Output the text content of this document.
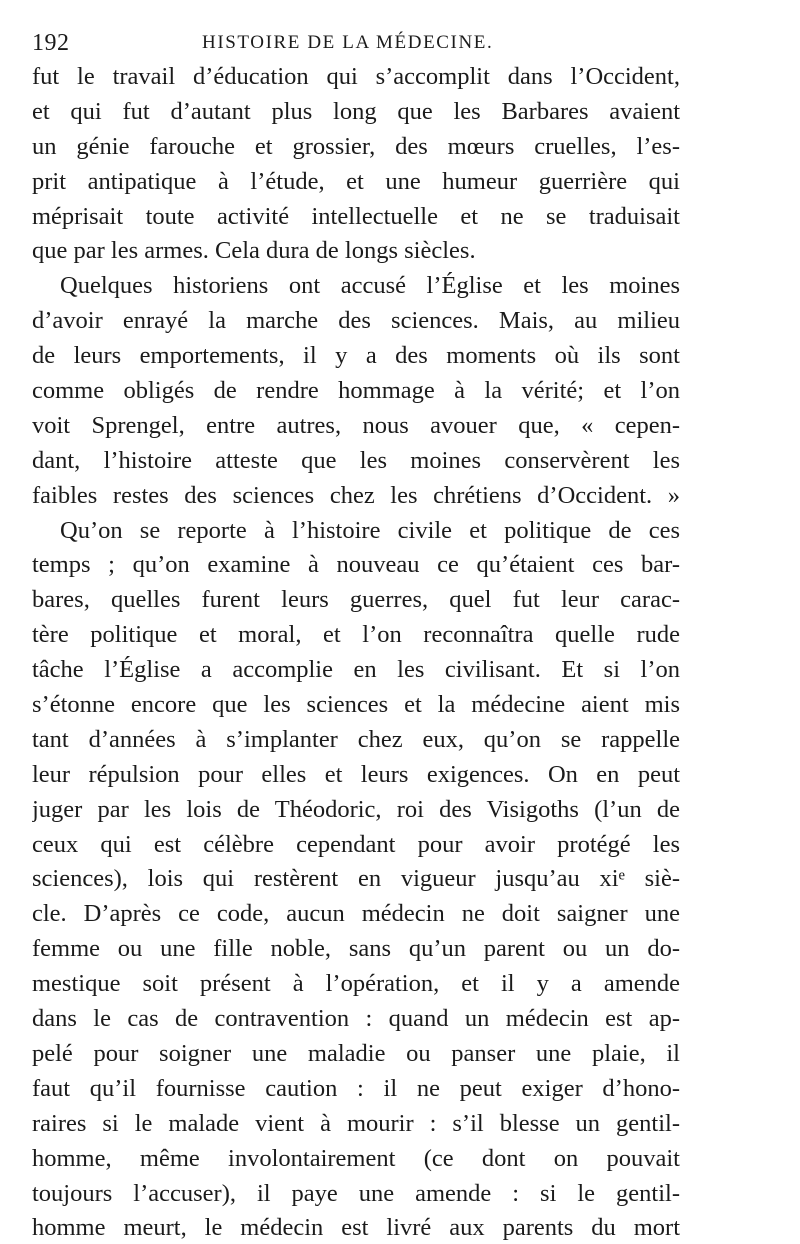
192	HISTOIRE DE LA MÉDECINE.
fut le travail d’éducation qui s’accomplit dans l’Occident,
et qui fut d’autant plus long que les Barbares avaient
un génie farouche et grossier, des mœurs cruelles, l’es-
prit antipatique à l’étude, et une humeur guerrière qui
méprisait toute activité intellectuelle et ne se traduisait
que par les armes. Cela dura de longs siècles.
Quelques historiens ont accusé l’Église et les moines
d’avoir enrayé la marche des sciences. Mais, au milieu
de leurs emportements, il y a des moments où ils sont
comme obligés de rendre hommage à la vérité; et l’on
voit Sprengel, entre autres, nous avouer que, « cepen-
dant, l’histoire atteste que les moines conservèrent les
faibles restes des sciences chez les chrétiens d’Occident. »
Qu’on se reporte à l’histoire civile et politique de ces
temps ; qu’on examine à nouveau ce qu’étaient ces bar-
bares, quelles furent leurs guerres, quel fut leur carac-
tère politique et moral, et l’on reconnaîtra quelle rude
tâche l’Église a accomplie en les civilisant. Et si l’on
s’étonne encore que les sciences et la médecine aient mis
tant d’années à s’implanter chez eux, qu’on se rappelle
leur répulsion pour elles et leurs exigences. On en peut
juger par les lois de Théodoric, roi des Visigoths (l’un de
ceux qui est célèbre cependant pour avoir protégé les
sciences), lois qui restèrent en vigueur jusqu’au xiᵉ siè-
cle. D’après ce code, aucun médecin ne doit saigner une
femme ou une fille noble, sans qu’un parent ou un do-
mestique soit présent à l’opération, et il y a amende
dans le cas de contravention : quand un médecin est ap-
pelé pour soigner une maladie ou panser une plaie, il
faut qu’il fournisse caution : il ne peut exiger d’hono-
raires si le malade vient à mourir : s’il blesse un gentil-
homme, même involontairement (ce dont on pouvait
toujours l’accuser), il paye une amende : si le gentil-
homme meurt, le médecin est livré aux parents du mort
